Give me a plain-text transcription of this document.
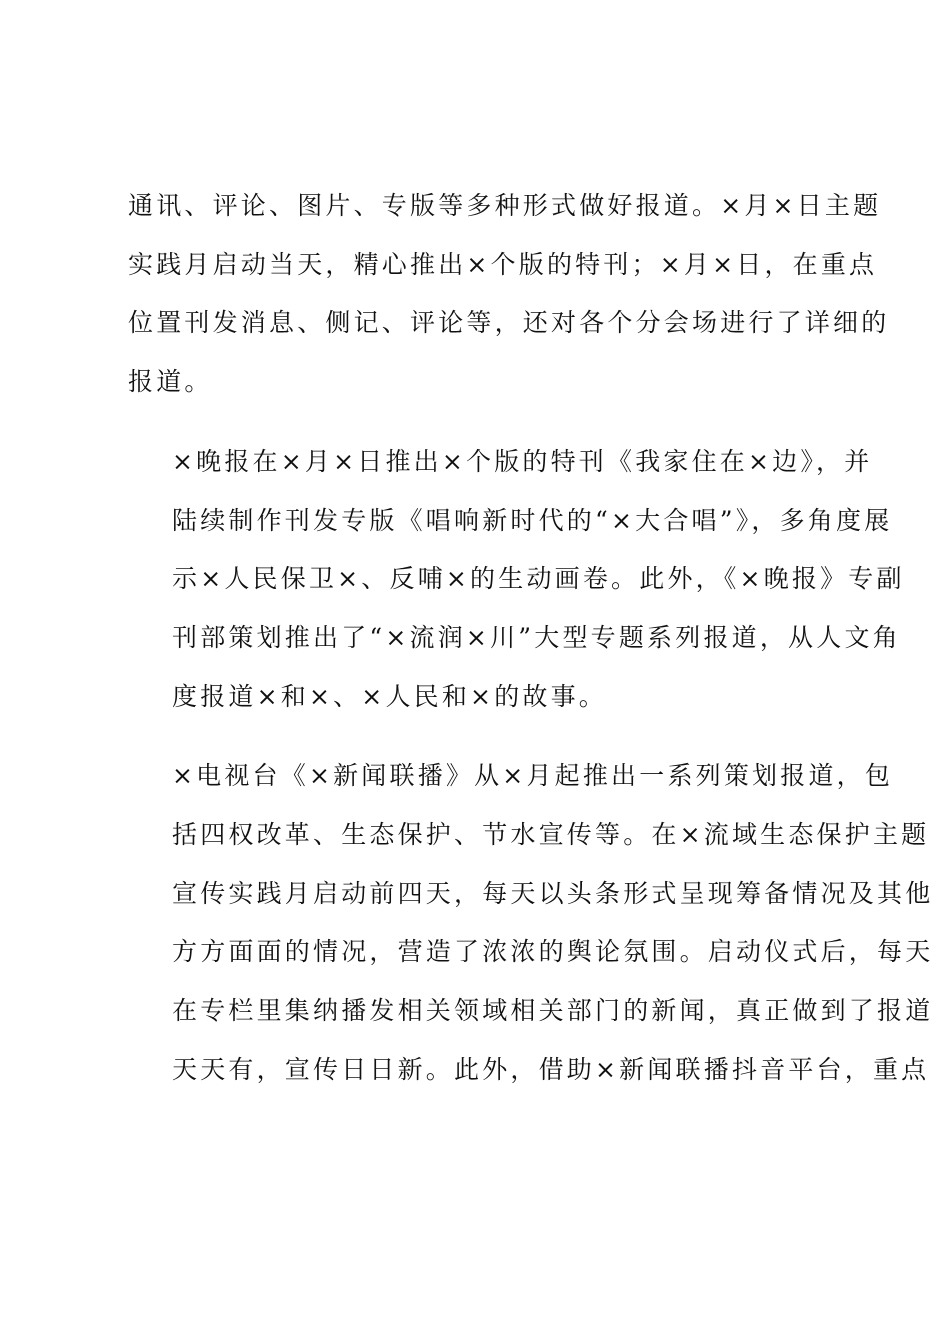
通讯、评论、图片、专版等多种形式做好报道。×月×日主题
实践月启动当天，精心推出×个版的特刊；×月×日，在重点
位置刊发消息、侧记、评论等，还对各个分会场进行了详细的
报道。

×晚报在×月×日推出×个版的特刊《我家住在×边》，并
陆续制作刊发专版《唱响新时代的“×大合唱”》，多角度展
示×人民保卫×、反哺×的生动画卷。此外，《×晚报》专副
刊部策划推出了“×流润×川”大型专题系列报道，从人文角
度报道×和×、×人民和×的故事。

×电视台《×新闻联播》从×月起推出一系列策划报道，包
括四权改革、生态保护、节水宣传等。在×流域生态保护主题
宣传实践月启动前四天，每天以头条形式呈现筹备情况及其他
方方面面的情况，营造了浓浓的舆论氛围。启动仪式后，每天
在专栏里集纳播发相关领域相关部门的新闻，真正做到了报道
天天有，宣传日日新。此外，借助×新闻联播抖音平台，重点
